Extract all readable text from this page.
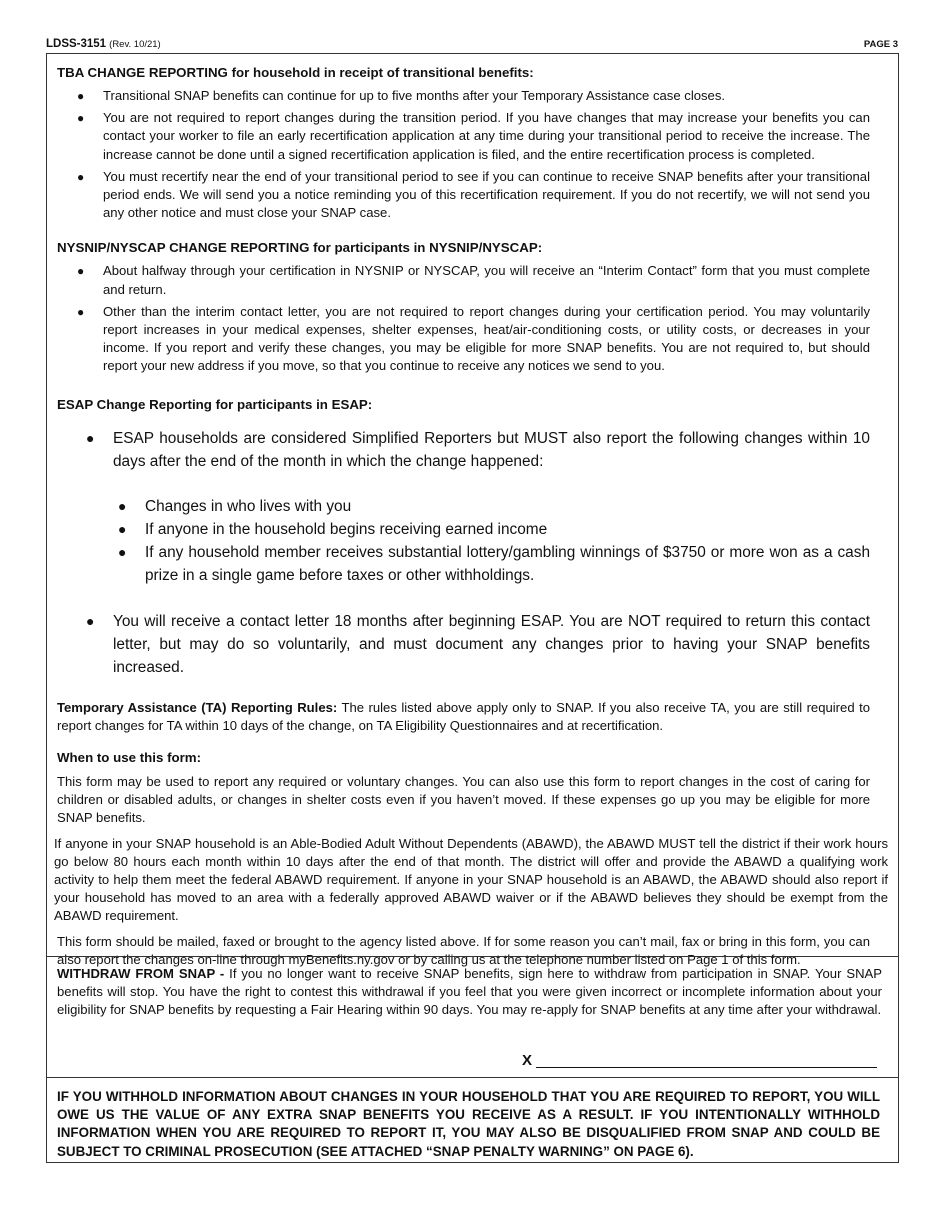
LDSS-3151 (Rev. 10/21)	PAGE 3

TBA CHANGE REPORTING for household in receipt of transitional benefits:

● Transitional SNAP benefits can continue for up to five months after your Temporary Assistance case closes.
● You are not required to report changes during the transition period. If you have changes that may increase your benefits you can contact your worker to file an early recertification application at any time during your transitional period to receive the increase. The increase cannot be done until a signed recertification application is filed, and the entire recertification process is completed.
● You must recertify near the end of your transitional period to see if you can continue to receive SNAP benefits after your transitional period ends. We will send you a notice reminding you of this recertification requirement. If you do not recertify, we will not send you any other notice and must close your SNAP case.

NYSNIP/NYSCAP CHANGE REPORTING for participants in NYSNIP/NYSCAP:

● About halfway through your certification in NYSNIP or NYSCAP, you will receive an “Interim Contact” form that you must complete and return.
● Other than the interim contact letter, you are not required to report changes during your certification period. You may voluntarily report increases in your medical expenses, shelter expenses, heat/air-conditioning costs, or utility costs, or decreases in your income. If you report and verify these changes, you may be eligible for more SNAP benefits. You are not required to, but should report your new address if you move, so that you continue to receive any notices we send to you.

ESAP Change Reporting for participants in ESAP:

● ESAP households are considered Simplified Reporters but MUST also report the following changes within 10 days after the end of the month in which the change happened:
● Changes in who lives with you
● If anyone in the household begins receiving earned income
● If any household member receives substantial lottery/gambling winnings of $3750 or more won as a cash prize in a single game before taxes or other withholdings.
● You will receive a contact letter 18 months after beginning ESAP. You are NOT required to return this contact letter, but may do so voluntarily, and must document any changes prior to having your SNAP benefits increased.

Temporary Assistance (TA) Reporting Rules: The rules listed above apply only to SNAP. If you also receive TA, you are still required to report changes for TA within 10 days of the change, on TA Eligibility Questionnaires and at recertification.

When to use this form:

This form may be used to report any required or voluntary changes. You can also use this form to report changes in the cost of caring for children or disabled adults, or changes in shelter costs even if you haven’t moved. If these expenses go up you may be eligible for more SNAP benefits.

If anyone in your SNAP household is an Able-Bodied Adult Without Dependents (ABAWD), the ABAWD MUST tell the district if their work hours go below 80 hours each month within 10 days after the end of that month. The district will offer and provide the ABAWD a qualifying work activity to help them meet the federal ABAWD requirement. If anyone in your SNAP household is an ABAWD, the ABAWD should also report if your household has moved to an area with a federally approved ABAWD waiver or if the ABAWD believes they should be exempt from the ABAWD requirement.

This form should be mailed, faxed or brought to the agency listed above. If for some reason you can’t mail, fax or bring in this form, you can also report the changes on-line through myBenefits.ny.gov or by calling us at the telephone number listed on Page 1 of this form.

WITHDRAW FROM SNAP - If you no longer want to receive SNAP benefits, sign here to withdraw from participation in SNAP. Your SNAP benefits will stop. You have the right to contest this withdrawal if you feel that you were given incorrect or incomplete information about your eligibility for SNAP benefits by requesting a Fair Hearing within 90 days. You may re-apply for SNAP benefits at any time after your withdrawal.

X

IF YOU WITHHOLD INFORMATION ABOUT CHANGES IN YOUR HOUSEHOLD THAT YOU ARE REQUIRED TO REPORT, YOU WILL OWE US THE VALUE OF ANY EXTRA SNAP BENEFITS YOU RECEIVE AS A RESULT. IF YOU INTENTIONALLY WITHHOLD INFORMATION WHEN YOU ARE REQUIRED TO REPORT IT, YOU MAY ALSO BE DISQUALIFIED FROM SNAP AND COULD BE SUBJECT TO CRIMINAL PROSECUTION (SEE ATTACHED “SNAP PENALTY WARNING” ON PAGE 6).
